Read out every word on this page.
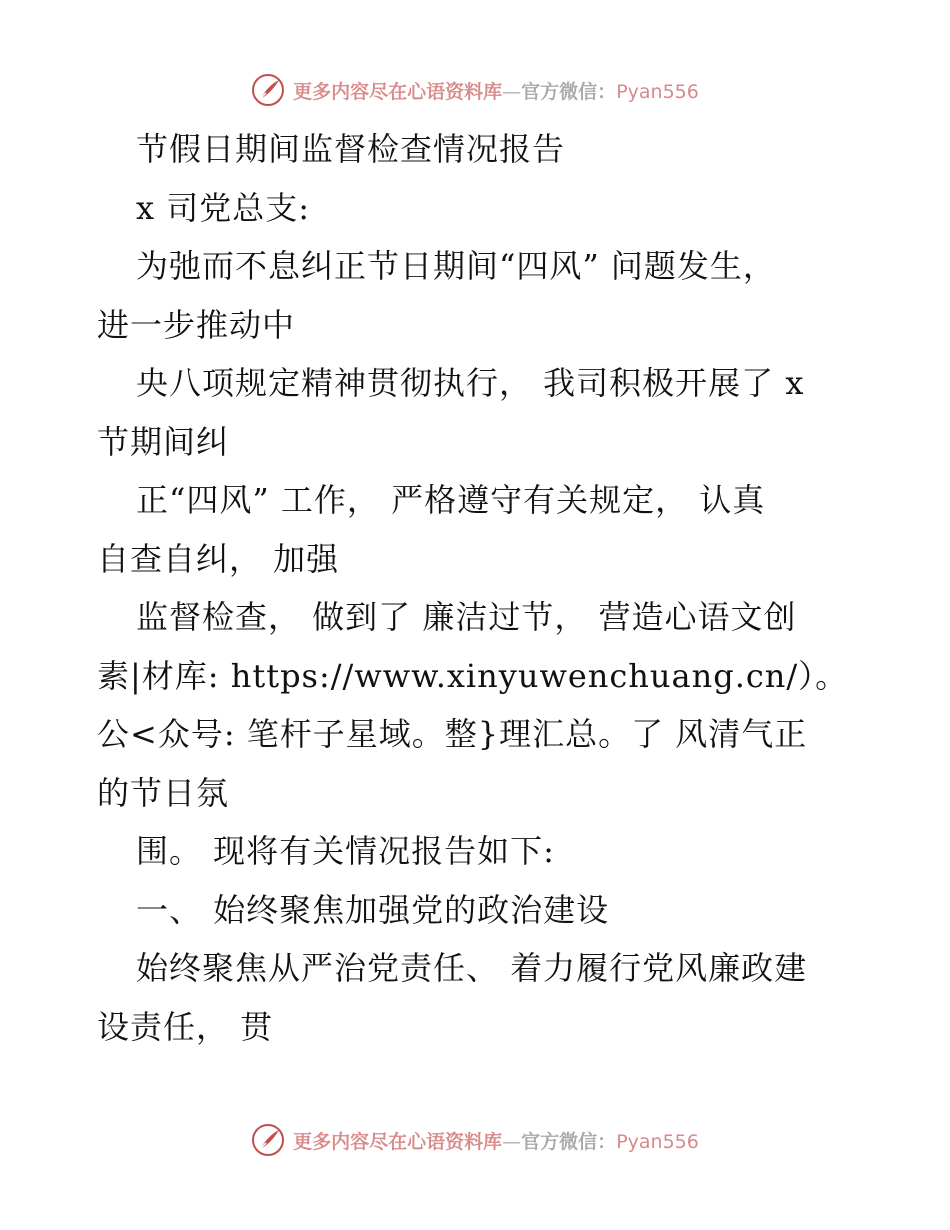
更多内容尽在心语资料库—官方微信：Pyan556
节假日期间监督检查情况报告
x 司党总支:
为弛而不息纠正节日期间“四风” 问题发生，
进一步推动中
央八项规定精神贯彻执行， 我司积极开展了 x
节期间纠
正“四风” 工作， 严格遵守有关规定， 认真
自查自纠， 加强
监督检查， 做到了 廉洁过节， 营造心语文创
素|材库: https://www.xinyuwenchuang.cn/）。
公<众号: 笔杆子星域。整}理汇总。了 风清气正
的节日氛
围。 现将有关情况报告如下:
一、 始终聚焦加强党的政治建设
始终聚焦从严治党责任、 着力履行党风廉政建
设责任， 贯
更多内容尽在心语资料库—官方微信：Pyan556
